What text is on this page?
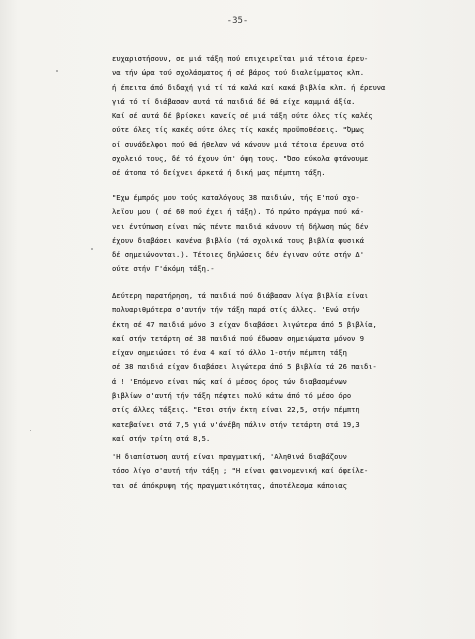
-35-
ευχαριστήσουν, σε μιά τάξη πού επιχειρεϊται μιά τέτοια έρευ-
να τήν ώρα τού σχολάσματος ή σέ βάρος τού διαλείμματος κλπ.
ή έπειτα άπό διδαχή γιά τί τά καλά καί κακά βιβλία κλπ. ή έρευνα
γιά τό τί διάβασαν αυτά τά παιδιά δέ θά είχε καμμιά άξία.
Καί σέ αυτά δέ βρίσκει κανείς σέ μιά τάξη ούτε όλες τίς καλές
ούτε όλες τίς κακές ούτε όλες τίς κακές προϋποθέσεις. "Όμως
οί συνάδελφοι πού θά ήθελαν νά κάνουν μιά τέτοια έρευνα στό
σχολειό τους, δέ τό έχουν ύπ' όψη τους. "Όσο εύκολα φτάνουμε
σέ άτοπα τό δείχνει άρκετά ή δική μας πέμπτη τάξη.
"Εχω έμπρός μου τούς καταλόγους 38 παιδιών, τής Ε'πού σχο-
λεϊου μου ( σέ 60 πού έχει ή τάξη). Τό πρώτο πράγμα πού κά-
νει έντύπωση είναι πώς πέντε παιδιά κάνουν τή δήλωση πώς δέν
έχουν διαβάσει κανένα βιβλίο (τά σχολικά τους βιβλία φυσικά
δέ σημειώνονται.). Τέτοιες δηλώσεις δέν έγιναν ούτε στήν Δ'
ούτε στήν Γ'άκόμη τάξη.-
Δεύτερη παρατήρηση, τά παιδιά πού διάβασαν λίγα βιβλία είναι
πολυαριθμότερα σ'αυτήν τήν τάξη παρά στίς άλλες. 'Ενώ στήν
έκτη σέ 47 παιδιά μόνο 3 είχαν διαβάσει λιγώτερα άπό 5 βιβλία,
καί στήν τετάρτη σέ 38 παιδιά πού έδωσαν σημειώματα μόνον 9
είχαν σημειώσει τό ένα 4 καί τό άλλο 1-στήν πέμπτη τάξη
σέ 38 παιδιά είχαν διαβάσει λιγώτερα άπό 5 βιβλία τά 26 παιδι-
ά ! 'Επόμενο είναι πώς καί ό μέσος όρος τών διαβασμένων
βιβλίων σ'αυτή τήν τάξη πέφτει πολύ κάτω άπό τό μέσο όρο
στίς άλλες τάξεις. "Ετσι στήν έκτη είναι 22,5, στήν πέμπτη
κατεβαίνει στά 7,5 γιά ν'άνέβη πάλιν στήν τετάρτη στά 19,3
καί στήν τρίτη στά 8,5.
'Η διαπίστωση αυτή είναι πραγματική, 'Αληθινά διαβάζουν
τόσο λίγο σ'αυτή τήν τάξη ; "Η είναι φαινομενική καί όφείλε-
ται σέ άπόκρυψη τής πραγματικότητας, άποτέλεσμα κάποιας
